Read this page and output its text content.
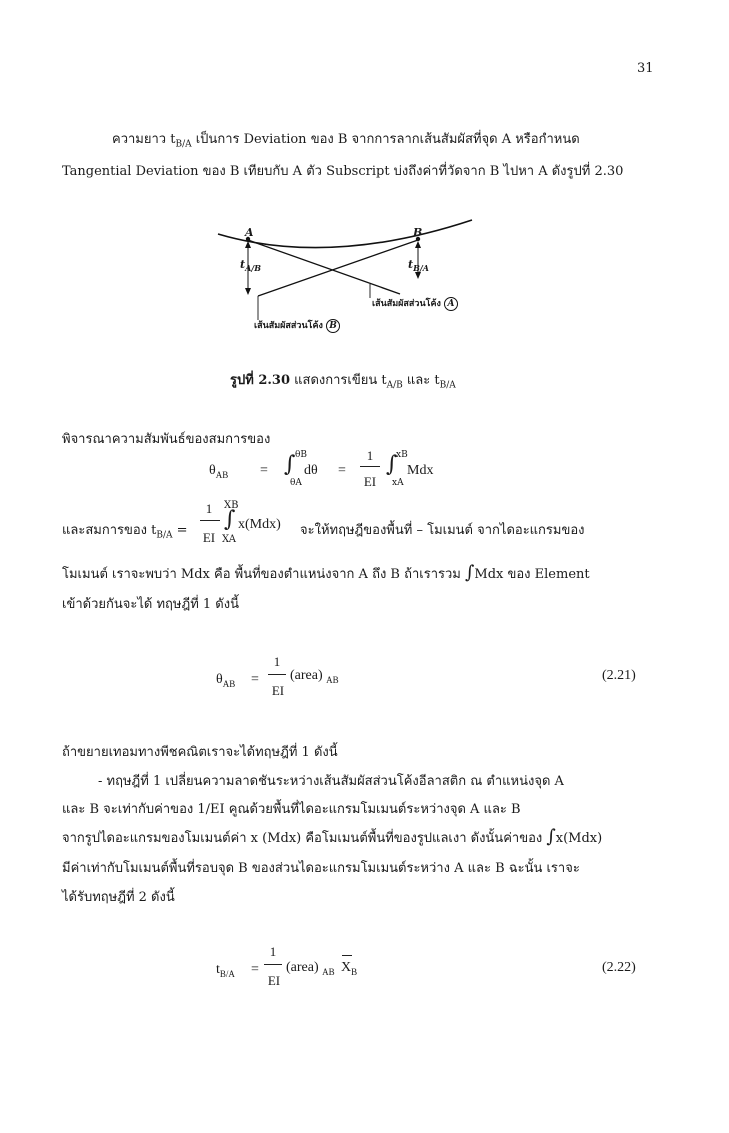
31
ความยาว $t_{B/A}$ เป็นการ Deviation ของ B จากการลากเส้นสัมผัสที่จุด A หรือกำหนด
Tangential Deviation ของ B เทียบกับ A ตัว Subscript บ่งถึงค่าที่วัดจาก B ไปหา A ดังรูปที่ 2.30
A	B
$t_{A/B}$	$t_{B/A}$
เส้นสัมผัสส่วนโค้ง A
เส้นสัมผัสส่วนโค้ง B
รูปที่ 2.30 แสดงการเขียน $t_{A/B}$ และ $t_{B/A}$
พิจารณาความสัมพันธ์ของสมการของ
$\theta_{AB}$ = ∫ θB
θA
dθ =
1
EI
∫
xB
xA
Mdx
และสมการของ $t_{B/A}$ =
1
EI
XB
∫
XA
x(Mdx) จะให้ทฤษฎีของพื้นที่ – โมเมนต์ จากไดอะแกรมของ
โมเมนต์ เราจะพบว่า Mdx คือ พื้นที่ของตำแหน่งจาก A ถึง B ถ้าเรารวม ∫Mdx ของ Element
เข้าด้วยกันจะได้ ทฤษฎีที่ 1 ดังนี้
$\theta_{AB}$ =
1
EI
(area) $_{AB}$	(2.21)
ถ้าขยายเทอมทางพีชคณิตเราจะได้ทฤษฎีที่ 1 ดังนี้
- ทฤษฎีที่ 1 เปลี่ยนความลาดชันระหว่างเส้นสัมผัสส่วนโค้งอีลาสติก ณ ตำแหน่งจุด A
และ B จะเท่ากับค่าของ 1/EI คูณด้วยพื้นที่ไดอะแกรมโมเมนต์ระหว่างจุด A และ B
จากรูปไดอะแกรมของโมเมนต์ค่า x (Mdx) คือโมเมนต์พื้นที่ของรูปแลเงา ดังนั้นค่าของ ∫x(Mdx)
มีค่าเท่ากับโมเมนต์พื้นที่รอบจุด B ของส่วนไดอะแกรมโมเมนต์ระหว่าง A และ B ฉะนั้น เราจะ
ได้รับทฤษฎีที่ 2 ดังนี้
$t_{B/A}$ =
1
EI
(area) $_{AB}$ $X_B$	(2.22)
